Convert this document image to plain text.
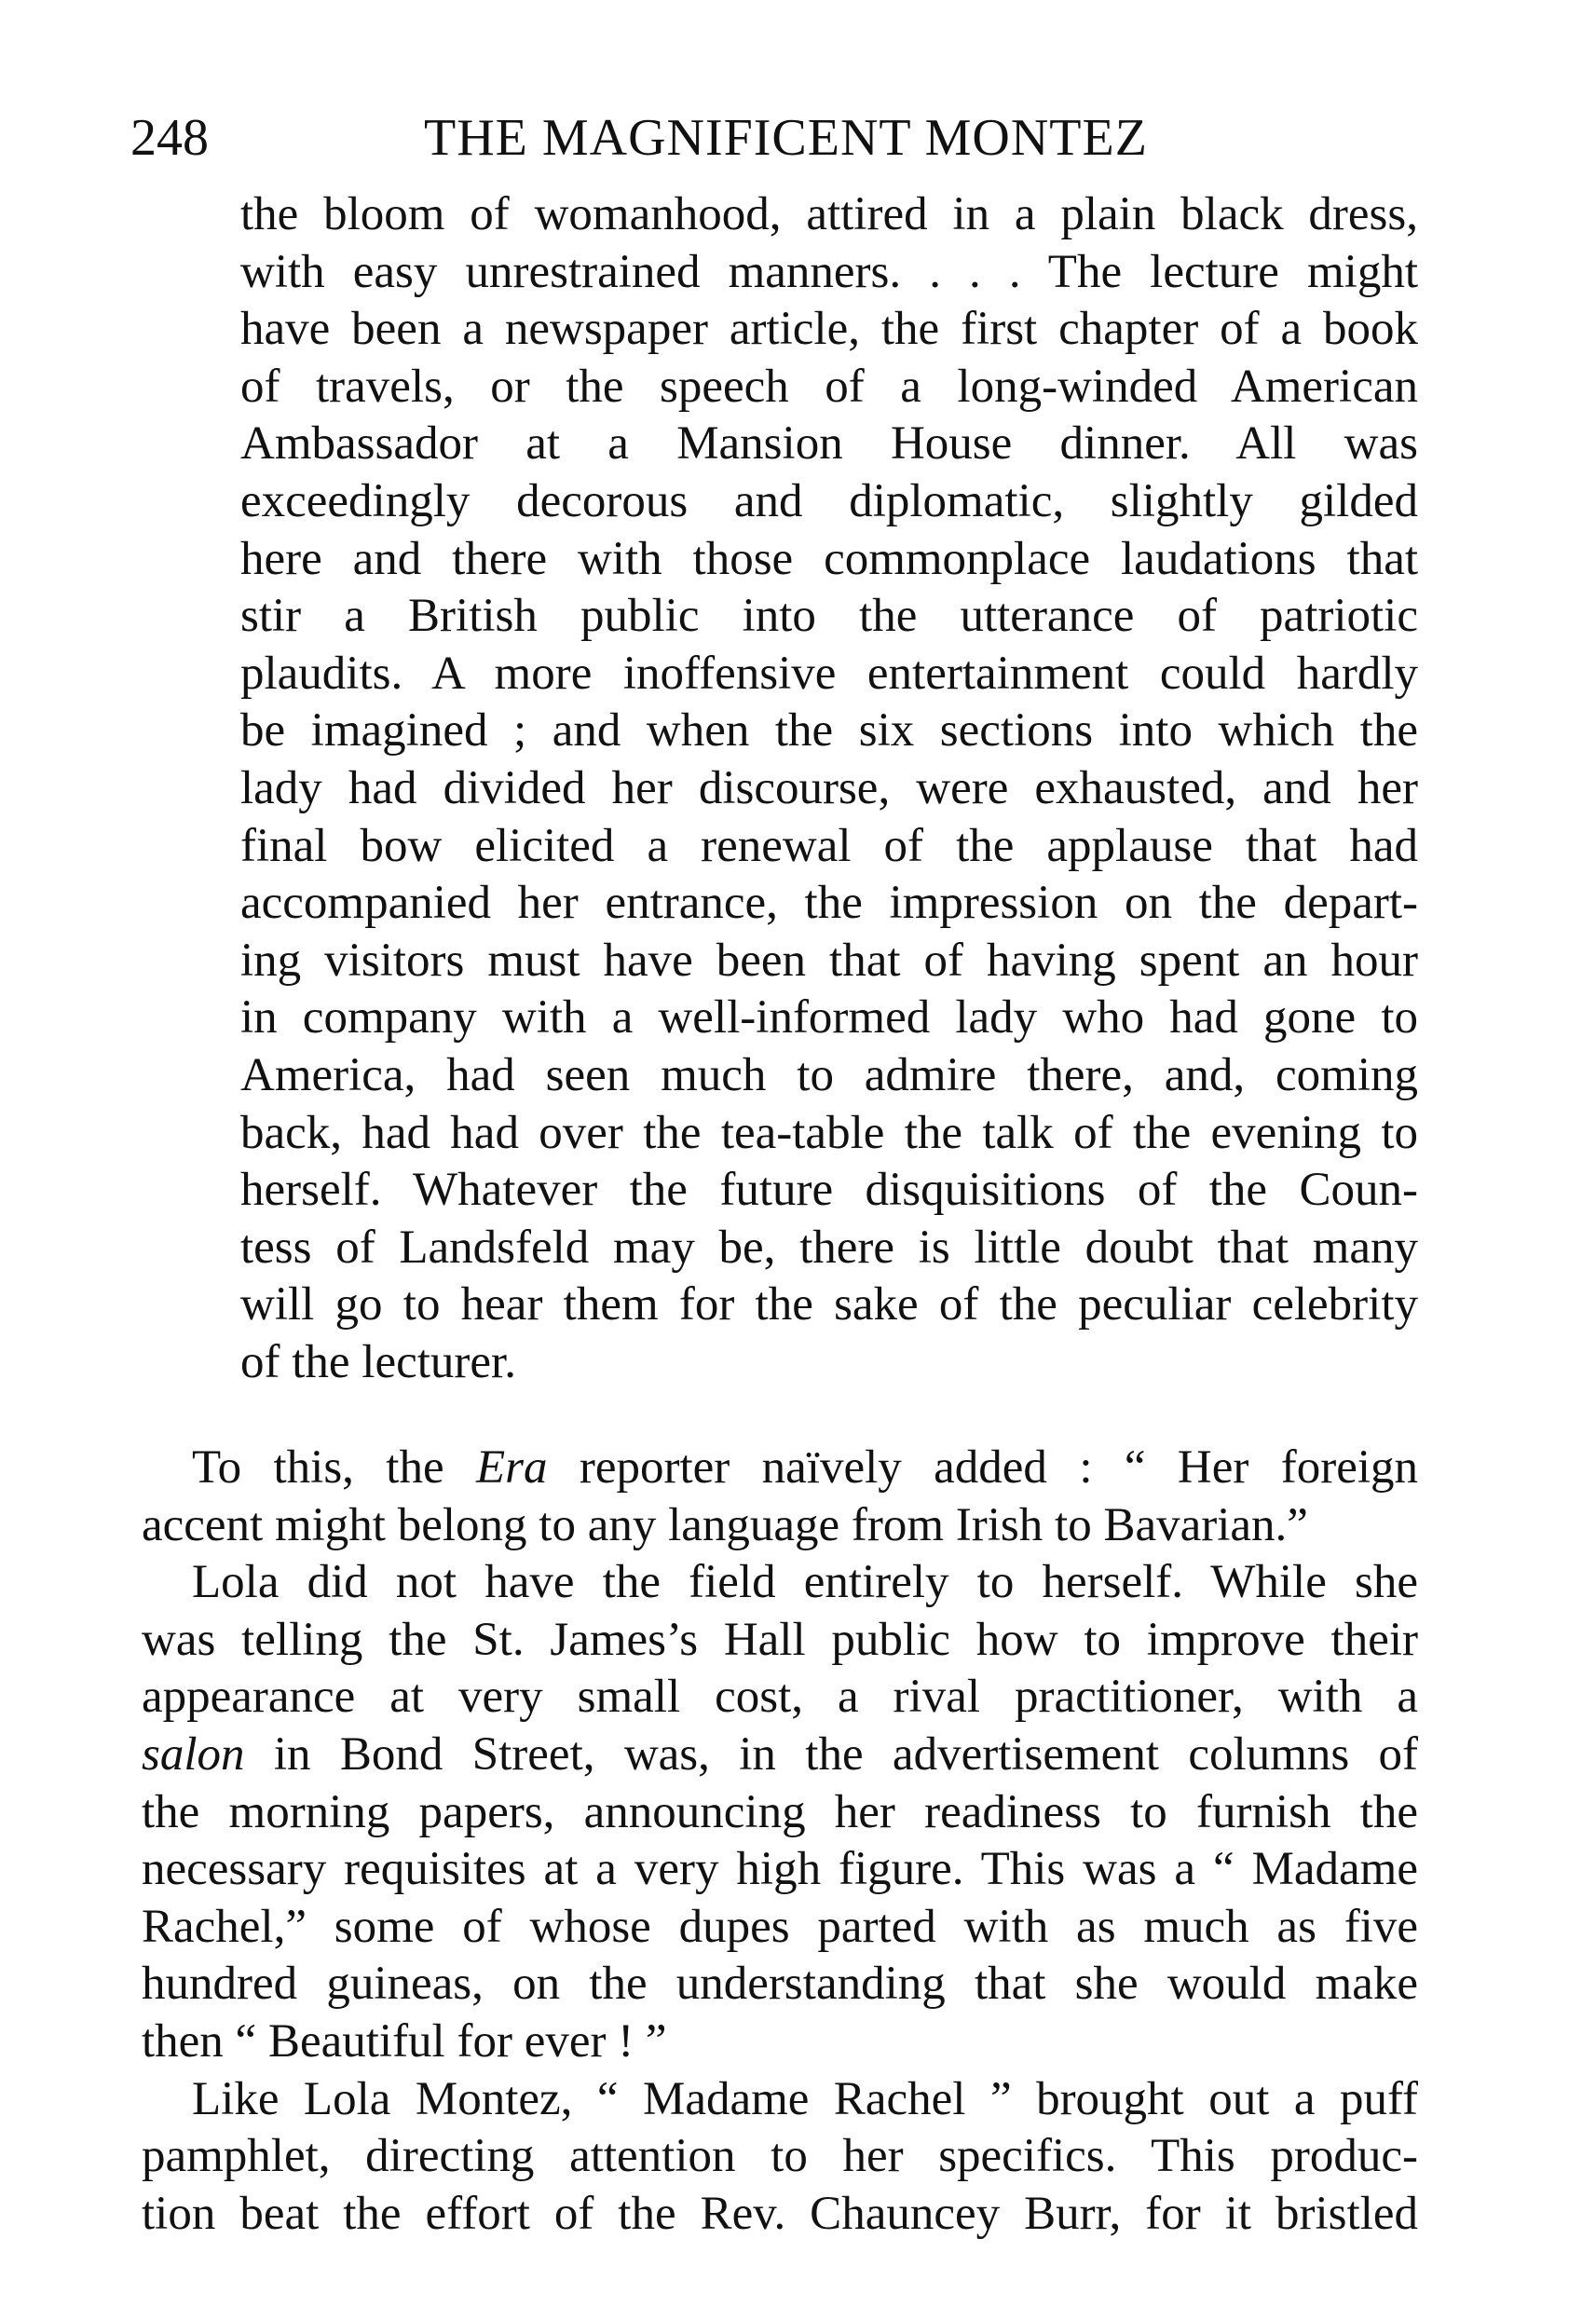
248	THE MAGNIFICENT MONTEZ
the bloom of womanhood, attired in a plain black dress,
with easy unrestrained manners. . . . The lecture might
have been a newspaper article, the first chapter of a book
of travels, or the speech of a long-winded American
Ambassador at a Mansion House dinner. All was
exceedingly decorous and diplomatic, slightly gilded
here and there with those commonplace laudations that
stir a British public into the utterance of patriotic
plaudits. A more inoffensive entertainment could hardly
be imagined ; and when the six sections into which the
lady had divided her discourse, were exhausted, and her
final bow elicited a renewal of the applause that had
accompanied her entrance, the impression on the depart-
ing visitors must have been that of having spent an hour
in company with a well-informed lady who had gone to
America, had seen much to admire there, and, coming
back, had had over the tea-table the talk of the evening to
herself. Whatever the future disquisitions of the Coun-
tess of Landsfeld may be, there is little doubt that many
will go to hear them for the sake of the peculiar celebrity
of the lecturer.
To this, the Era reporter naïvely added : “ Her foreign
accent might belong to any language from Irish to Bavarian.”
Lola did not have the field entirely to herself. While she
was telling the St. James’s Hall public how to improve their
appearance at very small cost, a rival practitioner, with a
salon in Bond Street, was, in the advertisement columns of
the morning papers, announcing her readiness to furnish the
necessary requisites at a very high figure. This was a “ Madame
Rachel,” some of whose dupes parted with as much as five
hundred guineas, on the understanding that she would make
then “ Beautiful for ever ! ”
Like Lola Montez, “ Madame Rachel ” brought out a puff
pamphlet, directing attention to her specifics. This produc-
tion beat the effort of the Rev. Chauncey Burr, for it bristled
